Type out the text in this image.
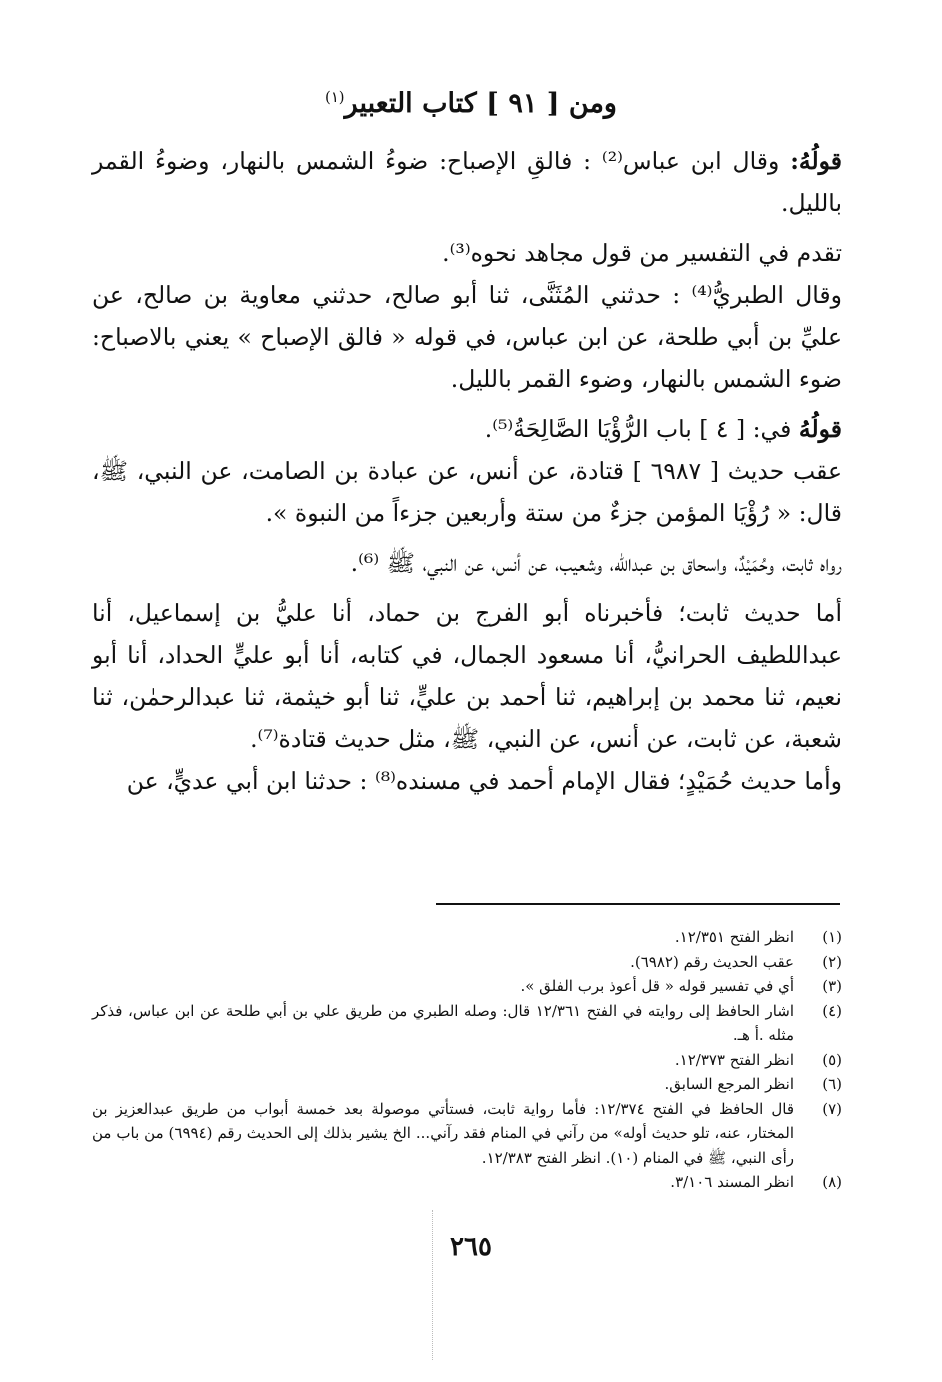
ومن [ ٩١ ] كتاب التعبير$^{(١)}$

قولُهُ: وقال ابن عباس⁽²⁾ : فالقِ الإصباح: ضوءُ الشمس بالنهار، وضوءُ القمر بالليل.

تقدم في التفسير من قول مجاهد نحوه⁽³⁾.

وقال الطبريُّ⁽⁴⁾ : حدثني المُثَنَّى، ثنا أبو صالح، حدثني معاوية بن صالح، عن عليِّ بن أبي طلحة، عن ابن عباس، في قوله « فالق الإصباح » يعني بالاصباح: ضوء الشمس بالنهار، وضوء القمر بالليل.

قولُهُ في: [ ٤ ] باب الرُّؤْيَا الصَّالِحَةُ⁽⁵⁾.

عقب حديث [ ٦٩٨٧ ] قتادة، عن أنس، عن عبادة بن الصامت، عن النبي، ﷺ، قال: « رُؤْيَا المؤمن جزءٌ من ستة وأربعين جزءاً من النبوة ».

رواه ثابت، وحُمَيْدٌ، واسحاق بن عبدالله، وشعيب، عن أنس، عن النبي، ﷺ ⁽⁶⁾.

أما حديث ثابت؛ فأخبرناه أبو الفرج بن حماد، أنا عليُّ بن إسماعيل، أنا عبداللطيف الحرانيُّ، أنا مسعود الجمال، في كتابه، أنا أبو عليٍّ الحداد، أنا أبو نعيم، ثنا محمد بن إبراهيم، ثنا أحمد بن عليٍّ، ثنا أبو خيثمة، ثنا عبدالرحمٰن، ثنا شعبة، عن ثابت، عن أنس، عن النبي، ﷺ، مثل حديث قتادة⁽⁷⁾.

وأما حديث حُمَيْدٍ؛ فقال الإمام أحمد في مسنده⁽⁸⁾ : حدثنا ابن أبي عديٍّ، عن

(١)
انظر الفتح ١٢/٣٥١.
(٢)
عقب الحديث رقم (٦٩٨٢).
(٣)
أي في تفسير قوله « قل أعوذ برب الفلق ».
(٤)
اشار الحافظ إلى روايته في الفتح ١٢/٣٦١ قال: وصله الطبري من طريق علي بن أبي طلحة عن ابن عباس، فذكر مثله .أ هـ.
(٥)
انظر الفتح ١٢/٣٧٣.
(٦)
انظر المرجع السابق.
(٧)
قال الحافظ في الفتح ١٢/٣٧٤: فأما رواية ثابت، فستأتي موصولة بعد خمسة أبواب من طريق عبدالعزيز بن المختار، عنه، تلو حديث أوله» من رآني في المنام فقد رآني... الخ يشير بذلك إلى الحديث رقم (٦٩٩٤) من باب من رأى النبي، ﷺ في المنام (١٠). انظر الفتح ١٢/٣٨٣.
(٨)
انظر المسند ٣/١٠٦.
٢٦٥
